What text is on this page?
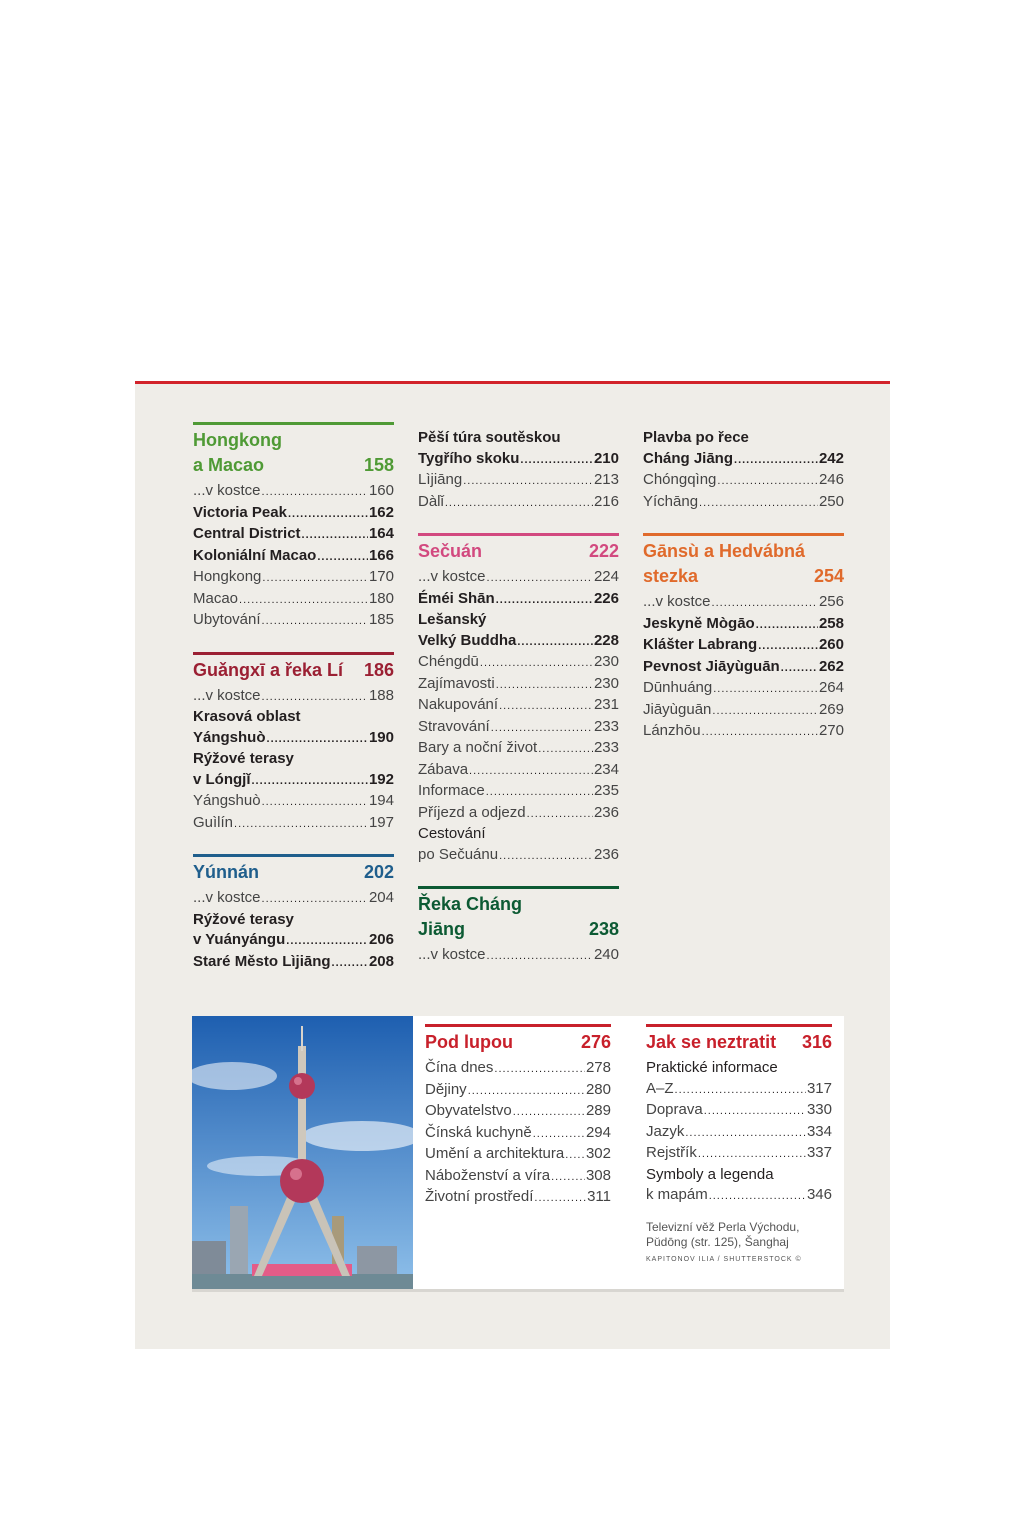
Hongkong
a Macao	158
...v kostce .....	160
Victoria Peak .....	162
Central District .....	164
Koloniální Macao .....	166
Hongkong .....	170
Macao .....	180
Ubytování .....	185
Guǎngxī a řeka Lí 186
...v kostce .....	188
Krasová oblast
Yángshuò .....	190
Rýžové terasy
v Lóngjǐ .....	192
Yángshuò .....	194
Guìlín .....	197
Yúnnán	202
...v kostce .....	204
Rýžové terasy
v Yuányángu .....	206
Staré Město Lìjiāng .....	208
Pěší túra soutěskou
Tygřího skoku .....	210
Lìjiāng .....	213
Dàlǐ .....	216
Sečuán	222
...v kostce .....	224
Éméi Shān .....	226
Lešanský
Velký Buddha .....	228
Chéngdū .....	230
Zajímavosti .....	230
Nakupování .....	231
Stravování .....	233
Bary a noční život .....	233
Zábava .....	234
Informace .....	235
Příjezd a odjezd .....	236
Cestování
po Sečuánu .....	236
Řeka Cháng
Jiāng	238
...v kostce .....	240
Plavba po řece
Cháng Jiāng .....	242
Chóngqìng .....	246
Yíchāng .....	250
Gānsù a Hedvábná
stezka	254
...v kostce .....	256
Jeskyně Mògāo .....	258
Klášter Labrang .....	260
Pevnost Jiāyùguān .....	262
Dūnhuáng .....	264
Jiāyùguān .....	269
Lánzhōu .....	270
Pod lupou	276
Čína dnes .....	278
Dějiny .....	280
Obyvatelstvo .....	289
Čínská kuchyně .....	294
Umění a architektura ..... 302
Náboženství a víra ..... 308
Životní prostředí .....	311
Jak se neztratit 316
Praktické informace
A–Z .....	317
Doprava .....	330
Jazyk .....	334
Rejstřík .....	337
Symboly a legenda
k mapám .....	346
Televizní věž Perla Východu, Pǔdōng (str. 125), Šanghaj
KAPITONOV ILIA / SHUTTERSTOCK ©
